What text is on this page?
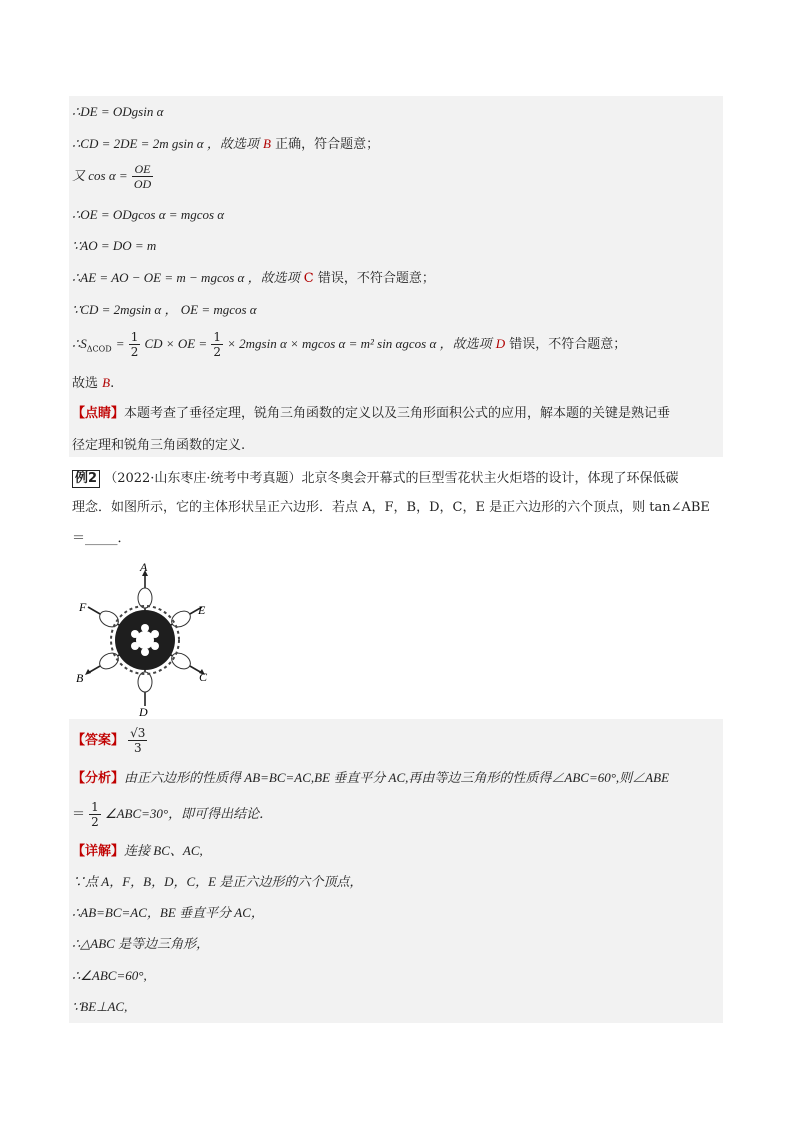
∴DE = ODgsin α
∴CD = 2DE = 2m gsin α ，故选项 B 正确，符合题意；
又 $\cos \alpha = \frac{OE}{OD}$
∴OE = ODgcos α = mgcos α
∵AO = DO = m
∴AE = AO − OE = m − mgcos α ，故选项 C 错误，不符合题意；
∵CD = 2mgsin α ， OE = mgcos α
$\therefore S_{\Delta COD} = \frac{1}{2}$ CD × OE = $\frac{1}{2} \times 2mgsin$ α × mgcos α = m² sin αgcos α ，故选项 D 错误，不符合题意；
故选 B.
【点睛】本题考查了垂径定理，锐角三角函数的定义以及三角形面积公式的应用，解本题的关键是熟记垂
径定理和锐角三角函数的定义.
例2 （2022·山东枣庄·统考中考真题）北京冬奥会开幕式的巨型雪花状主火炬塔的设计，体现了环保低碳
理念．如图所示，它的主体形状呈正六边形．若点 A，F，B，D，C，E 是正六边形的六个顶点，则 tan∠ABE
＝_____．
A
F	E
B	C
D
【答案】 $\frac{√3}{3}$
【分析】由正六边形的性质得 AB=BC=AC,BE 垂直平分 AC,再由等边三角形的性质得∠ABC=60°,则∠ABE
＝ $\frac{1}{2}$ ∠ABC=30°，即可得出结论．
【详解】连接 BC、AC,
∵点 A，F，B，D，C，E 是正六边形的六个顶点，
∴AB=BC=AC，BE 垂直平分 AC，
∴△ABC 是等边三角形，
∴∠ABC=60°,
∵BE⊥AC,
